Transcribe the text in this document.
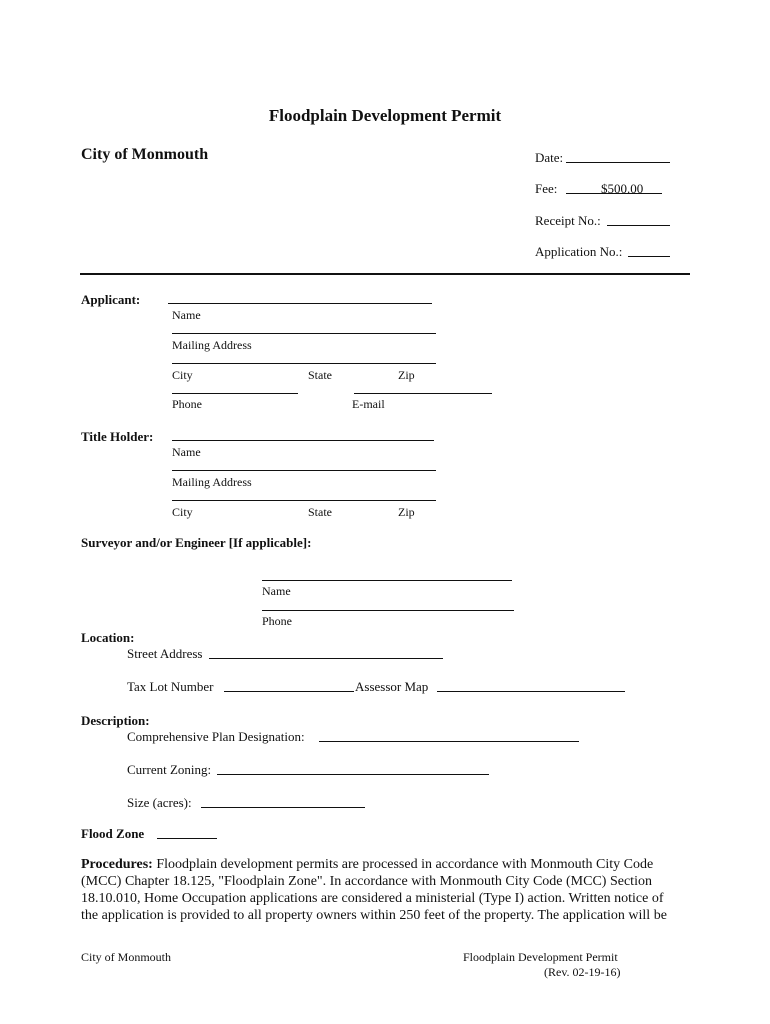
Floodplain Development Permit
City of Monmouth	Date:
Fee:	$500.00
Receipt No.:
Application No.:
Applicant:
Name
Mailing Address
City	State	Zip
Phone	E-mail
Title Holder:
Name
Mailing Address
City	State	Zip
Surveyor and/or Engineer [If applicable]:
Name
Phone
Location:
Street Address
Tax Lot Number	Assessor Map
Description:
Comprehensive Plan Designation:
Current Zoning:
Size (acres):
Flood Zone
Procedures: Floodplain development permits are processed in accordance with Monmouth City Code (MCC) Chapter 18.125, "Floodplain Zone". In accordance with Monmouth City Code (MCC) Section 18.10.010, Home Occupation applications are considered a ministerial (Type I) action. Written notice of the application is provided to all property owners within 250 feet of the property. The application will be
City of Monmouth	Floodplain Development Permit
(Rev. 02-19-16)
